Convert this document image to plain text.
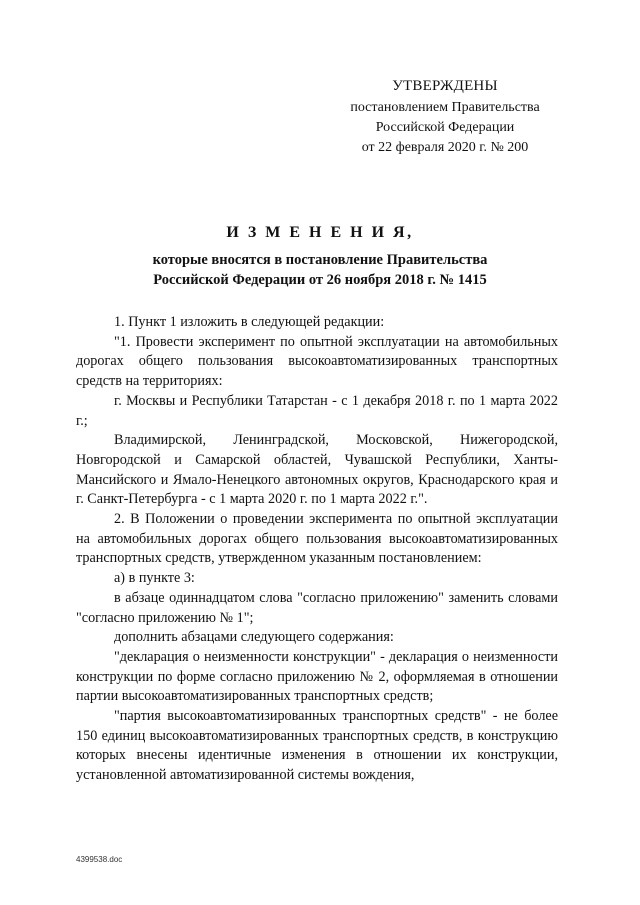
УТВЕРЖДЕНЫ
постановлением Правительства
Российской Федерации
от 22 февраля 2020 г. № 200
И З М Е Н Е Н И Я,
которые вносятся в постановление Правительства
Российской Федерации от 26 ноября 2018 г. № 1415

1. Пункт 1 изложить в следующей редакции:

"1. Провести эксперимент по опытной эксплуатации на автомобильных дорогах общего пользования высокоавтоматизированных транспортных средств на территориях:

г. Москвы и Республики Татарстан - с 1 декабря 2018 г. по 1 марта 2022 г.;

Владимирской, Ленинградской, Московской, Нижегородской, Новгородской и Самарской областей, Чувашской Республики, Ханты-Мансийского и Ямало-Ненецкого автономных округов, Краснодарского края и г. Санкт-Петербурга - с 1 марта 2020 г. по 1 марта 2022 г.".

2. В Положении о проведении эксперимента по опытной эксплуатации на автомобильных дорогах общего пользования высокоавтоматизированных транспортных средств, утвержденном указанным постановлением:

а) в пункте 3:

в абзаце одиннадцатом слова "согласно приложению" заменить словами "согласно приложению № 1";

дополнить абзацами следующего содержания:

"декларация о неизменности конструкции" - декларация о неизменности конструкции по форме согласно приложению № 2, оформляемая в отношении партии высокоавтоматизированных транспортных средств;

"партия высокоавтоматизированных транспортных средств" - не более 150 единиц высокоавтоматизированных транспортных средств, в конструкцию которых внесены идентичные изменения в отношении их конструкции, установленной автоматизированной системы вождения,

4399538.doc
